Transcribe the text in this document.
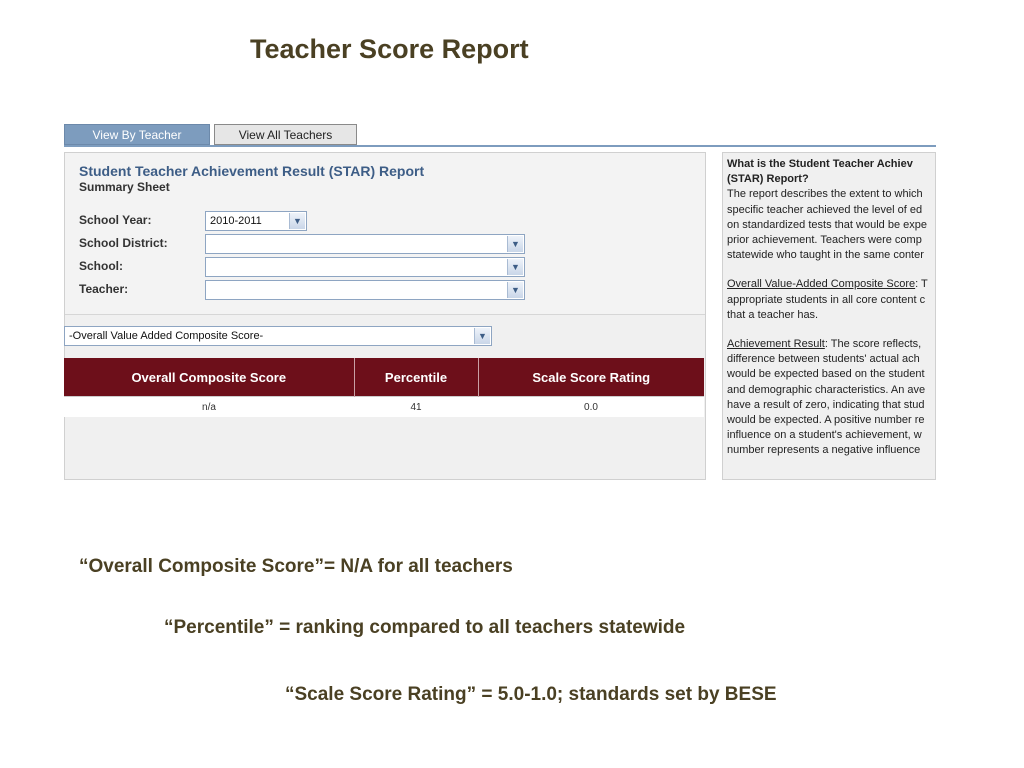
Teacher Score Report
View By Teacher	View All Teachers
Student Teacher Achievement Result (STAR) Report
Summary Sheet
School Year:	2010-2011	▼
School District:	▼
School:	▼
Teacher:	▼
-Overall Value Added Composite Score-	▼
Overall Composite Score	Percentile	Scale Score Rating
n/a	41	0.0
What is the Student Teacher Achiev
(STAR) Report?
The report describes the extent to which
specific teacher achieved the level of ed
on standardized tests that would be expe
prior achievement. Teachers were comp
statewide who taught in the same conter
Overall Value-Added Composite Score: T
appropriate students in all core content c
that a teacher has.
Achievement Result: The score reflects,
difference between students' actual ach
would be expected based on the student
and demographic characteristics. An ave
have a result of zero, indicating that stud
would be expected. A positive number re
influence on a student's achievement, w
number represents a negative influence
“Overall Composite Score”= N/A for all teachers
“Percentile” = ranking compared to all teachers statewide
“Scale Score Rating” = 5.0-1.0; standards set by BESE
